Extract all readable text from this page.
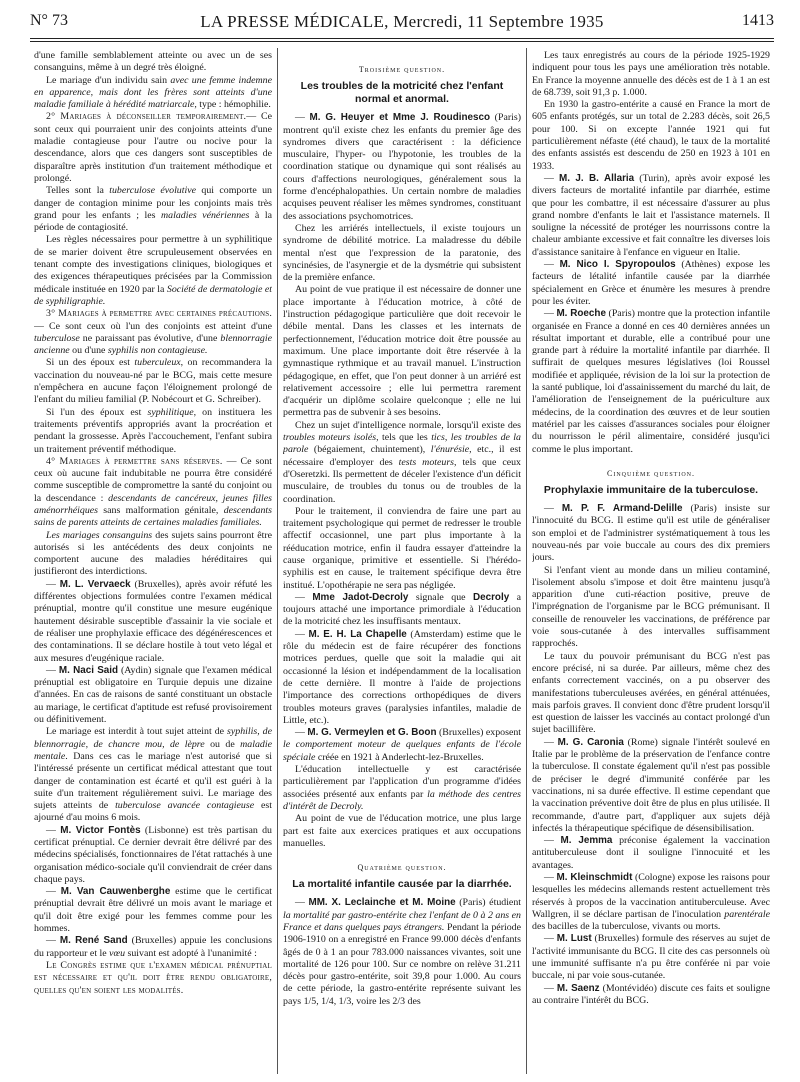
N° 73	LA PRESSE MÉDICALE, Mercredi, 11 Septembre 1935	1413

d'une famille semblablement atteinte ou avec un de ses consanguins, même à un degré très éloigné.

Le mariage d'un individu sain avec une femme indemne en apparence, mais dont les frères sont atteints d'une maladie familiale à hérédité matriarcale, type : hémophilie.

2° Mariages à déconseiller temporairement.— Ce sont ceux qui pourraient unir des conjoints atteints d'une maladie contagieuse pour l'autre ou nocive pour la descendance, alors que ces dangers sont susceptibles de disparaître après institution d'un traitement méthodique et prolongé.

Telles sont la tuberculose évolutive qui comporte un danger de contagion minime pour les conjoints mais très grand pour les enfants ; les maladies vénériennes à la période de contagiosité.

Les règles nécessaires pour permettre à un syphilitique de se marier doivent être scrupuleusement observées en tenant compte des investigations cliniques, biologiques et des exigences thérapeutiques précisées par la Commission médicale instituée en 1920 par la Société de dermatologie et de syphiligraphie.

3° Mariages à permettre avec certaines précautions. — Ce sont ceux où l'un des conjoints est atteint d'une tuberculose ne paraissant pas évolutive, d'une blennorragie ancienne ou d'une syphilis non contagieuse.

Si un des époux est tuberculeux, on recommandera la vaccination du nouveau-né par le BCG, mais cette mesure n'empêchera en aucune façon l'éloignement prolongé de l'enfant du milieu familial (P. Nobécourt et G. Schreiber).

Si l'un des époux est syphilitique, on instituera les traitements préventifs appropriés avant la procréation et pendant la grossesse. Après l'accouchement, l'enfant subira un traitement préventif méthodique.

4° Mariages à permettre sans réserves. — Ce sont ceux où aucune fait indubitable ne pourra être considéré comme susceptible de compromettre la santé du conjoint ou la descendance : descendants de cancéreux, jeunes filles aménorrhéiques sans malformation génitale, descendants sains de parents atteints de certaines maladies familiales.

Les mariages consanguins des sujets sains pourront être autorisés si les antécédents des deux conjoints ne comportent aucune des maladies héréditaires qui justifieront des interdictions.

— M. L. Vervaeck (Bruxelles), après avoir réfuté les différentes objections formulées contre l'examen médical prénuptial, montre qu'il constitue une mesure eugénique hautement désirable susceptible d'assainir la vie sociale et de réaliser une prophylaxie efficace des dégénérescences et des contaminations. Il se déclare hostile à tout veto légal et aux mesures d'eugénique raciale.

— M. Naci Said (Aydin) signale que l'examen médical prénuptial est obligatoire en Turquie depuis une dizaine d'années. En cas de raisons de santé constituant un obstacle au mariage, le certificat d'aptitude est refusé provisoirement ou définitivement.

Le mariage est interdit à tout sujet atteint de syphilis, de blennorragie, de chancre mou, de lèpre ou de maladie mentale. Dans ces cas le mariage n'est autorisé que si l'intéressé présente un certificat médical attestant que tout danger de contamination est écarté et qu'il est guéri à la suite d'un traitement régulièrement suivi. Le mariage des sujets atteints de tuberculose avancée contagieuse est ajourné d'au moins 6 mois.

— M. Victor Fontès (Lisbonne) est très partisan du certificat prénuptial. Ce dernier devrait être délivré par des médecins spécialisés, fonctionnaires de l'état rattachés à une organisation médico-sociale qu'il conviendrait de créer dans chaque pays.

— M. Van Cauwenberghe estime que le certificat prénuptial devrait être délivré un mois avant le mariage et qu'il doit être exigé pour les femmes comme pour les hommes.

— M. René Sand (Bruxelles) appuie les conclusions du rapporteur et le vœu suivant est adopté à l'unanimité :

Le Congrès estime que l'examen médical prénuptial est nécessaire et qu'il doit être rendu obligatoire, quelles qu'en soient les modalités.

Troisième question.

Les troubles de la motricité chez l'enfant normal et anormal.

— M. G. Heuyer et Mme J. Roudinesco (Paris) montrent qu'il existe chez les enfants du premier âge des syndromes divers que caractérisent : la déficience musculaire, l'hyper- ou l'hypotonie, les troubles de la coordination statique ou dynamique qui sont réalisés au cours d'affections neurologiques, généralement sous la forme d'encéphalopathies. Un certain nombre de maladies acquises peuvent réaliser les mêmes syndromes, constituant des associations psychomotrices.

Chez les arriérés intellectuels, il existe toujours un syndrome de débilité motrice. La maladresse du débile mental n'est que l'expression de la paratonie, des syncinésies, de l'asynergie et de la dysmétrie qui subsistent de la première enfance.

Au point de vue pratique il est nécessaire de donner une place importante à l'éducation motrice, à côté de l'instruction pédagogique particulière que doit recevoir le débile mental. Dans les classes et les internats de perfectionnement, l'éducation motrice doit être poussée au maximum. Une place importante doit être réservée à la gymnastique rythmique et au travail manuel. L'instruction pédagogique, en effet, que l'on peut donner à un arriéré est relativement accessoire ; elle lui permettra rarement d'acquérir un diplôme scolaire quelconque ; elle ne lui permettra pas de subvenir à ses besoins.

Chez un sujet d'intelligence normale, lorsqu'il existe des troubles moteurs isolés, tels que les tics, les troubles de la parole (bégaiement, chuintement), l'énurésie, etc., il est nécessaire d'employer des tests moteurs, tels que ceux d'Oseretzki. Ils permettent de déceler l'existence d'un déficit musculaire, de troubles du tonus ou de troubles de la coordination.

Pour le traitement, il conviendra de faire une part au traitement psychologique qui permet de redresser le trouble affectif occasionnel, une part plus importante à la rééducation motrice, enfin il faudra essayer d'atteindre la cause organique, primitive et essentielle. Si l'hérédo-syphilis est en cause, le traitement spécifique devra être institué. L'opothérapie ne sera pas négligée.

— Mme Jadot-Decroly signale que Decroly a toujours attaché une importance primordiale à l'éducation de la motricité chez les insuffisants mentaux.

— M. E. H. La Chapelle (Amsterdam) estime que le rôle du médecin est de faire récupérer des fonctions motrices perdues, quelle que soit la maladie qui ait occasionné la lésion et indépendamment de la localisation de cette dernière. Il montre à l'aide de projections l'importance des corrections orthopédiques de divers troubles moteurs graves (paralysies infantiles, maladie de Little, etc.).

— M. G. Vermeylen et G. Boon (Bruxelles) exposent le comportement moteur de quelques enfants de l'école spéciale créée en 1921 à Anderlecht-lez-Bruxelles.

L'éducation intellectuelle y est caractérisée particulièrement par l'application d'un programme d'idées associées présenté aux enfants par la méthode des centres d'intérêt de Decroly.

Au point de vue de l'éducation motrice, une plus large part est faite aux exercices pratiques et aux occupations manuelles.

Quatrième question.

La mortalité infantile causée par la diarrhée.

— MM. X. Leclainche et M. Moine (Paris) étudient la mortalité par gastro-entérite chez l'enfant de 0 à 2 ans en France et dans quelques pays étrangers. Pendant la période 1906-1910 on a enregistré en France 99.000 décès d'enfants âgés de 0 à 1 an pour 783.000 naissances vivantes, soit une mortalité de 126 pour 100. Sur ce nombre on relève 31.211 décès pour gastro-entérite, soit 39,8 pour 1.000. Au cours de cette période, la gastro-entérite représente suivant les pays 1/5, 1/4, 1/3, voire les 2/3 des

Les taux enregistrés au cours de la période 1925-1929 indiquent pour tous les pays une amélioration très notable. En France la moyenne annuelle des décès est de 1 à 1 an est de 68.739, soit 91,3 p. 1.000.

En 1930 la gastro-entérite a causé en France la mort de 605 enfants protégés, sur un total de 2.283 décès, soit 26,5 pour 100. Si on excepte l'année 1921 qui fut particulièrement néfaste (été chaud), le taux de la mortalité des enfants assistés est descendu de 250 en 1923 à 101 en 1933.

— M. J. B. Allaria (Turin), après avoir exposé les divers facteurs de mortalité infantile par diarrhée, estime que pour les combattre, il est nécessaire d'assurer au plus grand nombre d'enfants le lait et l'assistance maternels. Il souligne la nécessité de protéger les nourrissons contre la chaleur ambiante excessive et fait connaître les diverses lois d'assistance sanitaire à l'enfance en vigueur en Italie.

— M. Nico I. Spyropoulos (Athènes) expose les facteurs de létalité infantile causée par la diarrhée spécialement en Grèce et énumère les mesures à prendre pour les éviter.

— M. Roeche (Paris) montre que la protection infantile organisée en France a donné en ces 40 dernières années un résultat important et durable, elle a contribué pour une grande part à réduire la mortalité infantile par diarrhée. Il suffirait de quelques mesures législatives (loi Roussel modifiée et appliquée, révision de la loi sur la protection de la santé publique, loi d'assainissement du marché du lait, de l'amélioration de l'enseignement de la puériculture aux médecins, de la coordination des œuvres et de leur soutien matériel par les caisses d'assurances sociales pour éloigner du nourrisson le péril alimentaire, considéré jusqu'ici comme le plus important.

Cinquième question.

Prophylaxie immunitaire de la tuberculose.

— M. P. F. Armand-Delille (Paris) insiste sur l'innocuité du BCG. Il estime qu'il est utile de généraliser son emploi et de l'administrer systématiquement à tous les nouveau-nés par voie buccale au cours des dix premiers jours.

Si l'enfant vient au monde dans un milieu contaminé, l'isolement absolu s'impose et doit être maintenu jusqu'à apparition d'une cuti-réaction positive, preuve de l'imprégnation de l'organisme par le BCG prémunisant. Il conseille de renouveler les vaccinations, de préférence par voie sous-cutanée à des intervalles suffisamment rapprochés.

Le taux du pouvoir prémunisant du BCG n'est pas encore précisé, ni sa durée. Par ailleurs, même chez des enfants correctement vaccinés, on a pu observer des manifestations tuberculeuses avérées, en général atténuées, mais parfois graves. Il convient donc d'être prudent lorsqu'il est question de laisser les vaccinés au contact prolongé d'un sujet bacillifère.

— M. G. Caronia (Rome) signale l'intérêt soulevé en Italie par le problème de la préservation de l'enfance contre la tuberculose. Il constate également qu'il n'est pas possible de préciser le degré d'immunité conférée par les vaccinations, ni sa durée effective. Il estime cependant que la vaccination préventive doit être de plus en plus utilisée. Il recommande, d'autre part, d'appliquer aux sujets déjà infectés la thérapeutique spécifique de désensibilisation.

— M. Jemma préconise également la vaccination antituberculeuse dont il souligne l'innocuité et les avantages.

— M. Kleinschmidt (Cologne) expose les raisons pour lesquelles les médecins allemands restent actuellement très réservés à propos de la vaccination antituberculeuse. Avec Wallgren, il se déclare partisan de l'inoculation parentérale des bacilles de la tuberculose, vivants ou morts.

— M. Lust (Bruxelles) formule des réserves au sujet de l'activité immunisante du BCG. Il cite des cas personnels où une immunité suffisante n'a pu être conférée ni par voie buccale, ni par voie sous-cutanée.

— M. Saenz (Montévidéo) discute ces faits et souligne au contraire l'intérêt du BCG.
